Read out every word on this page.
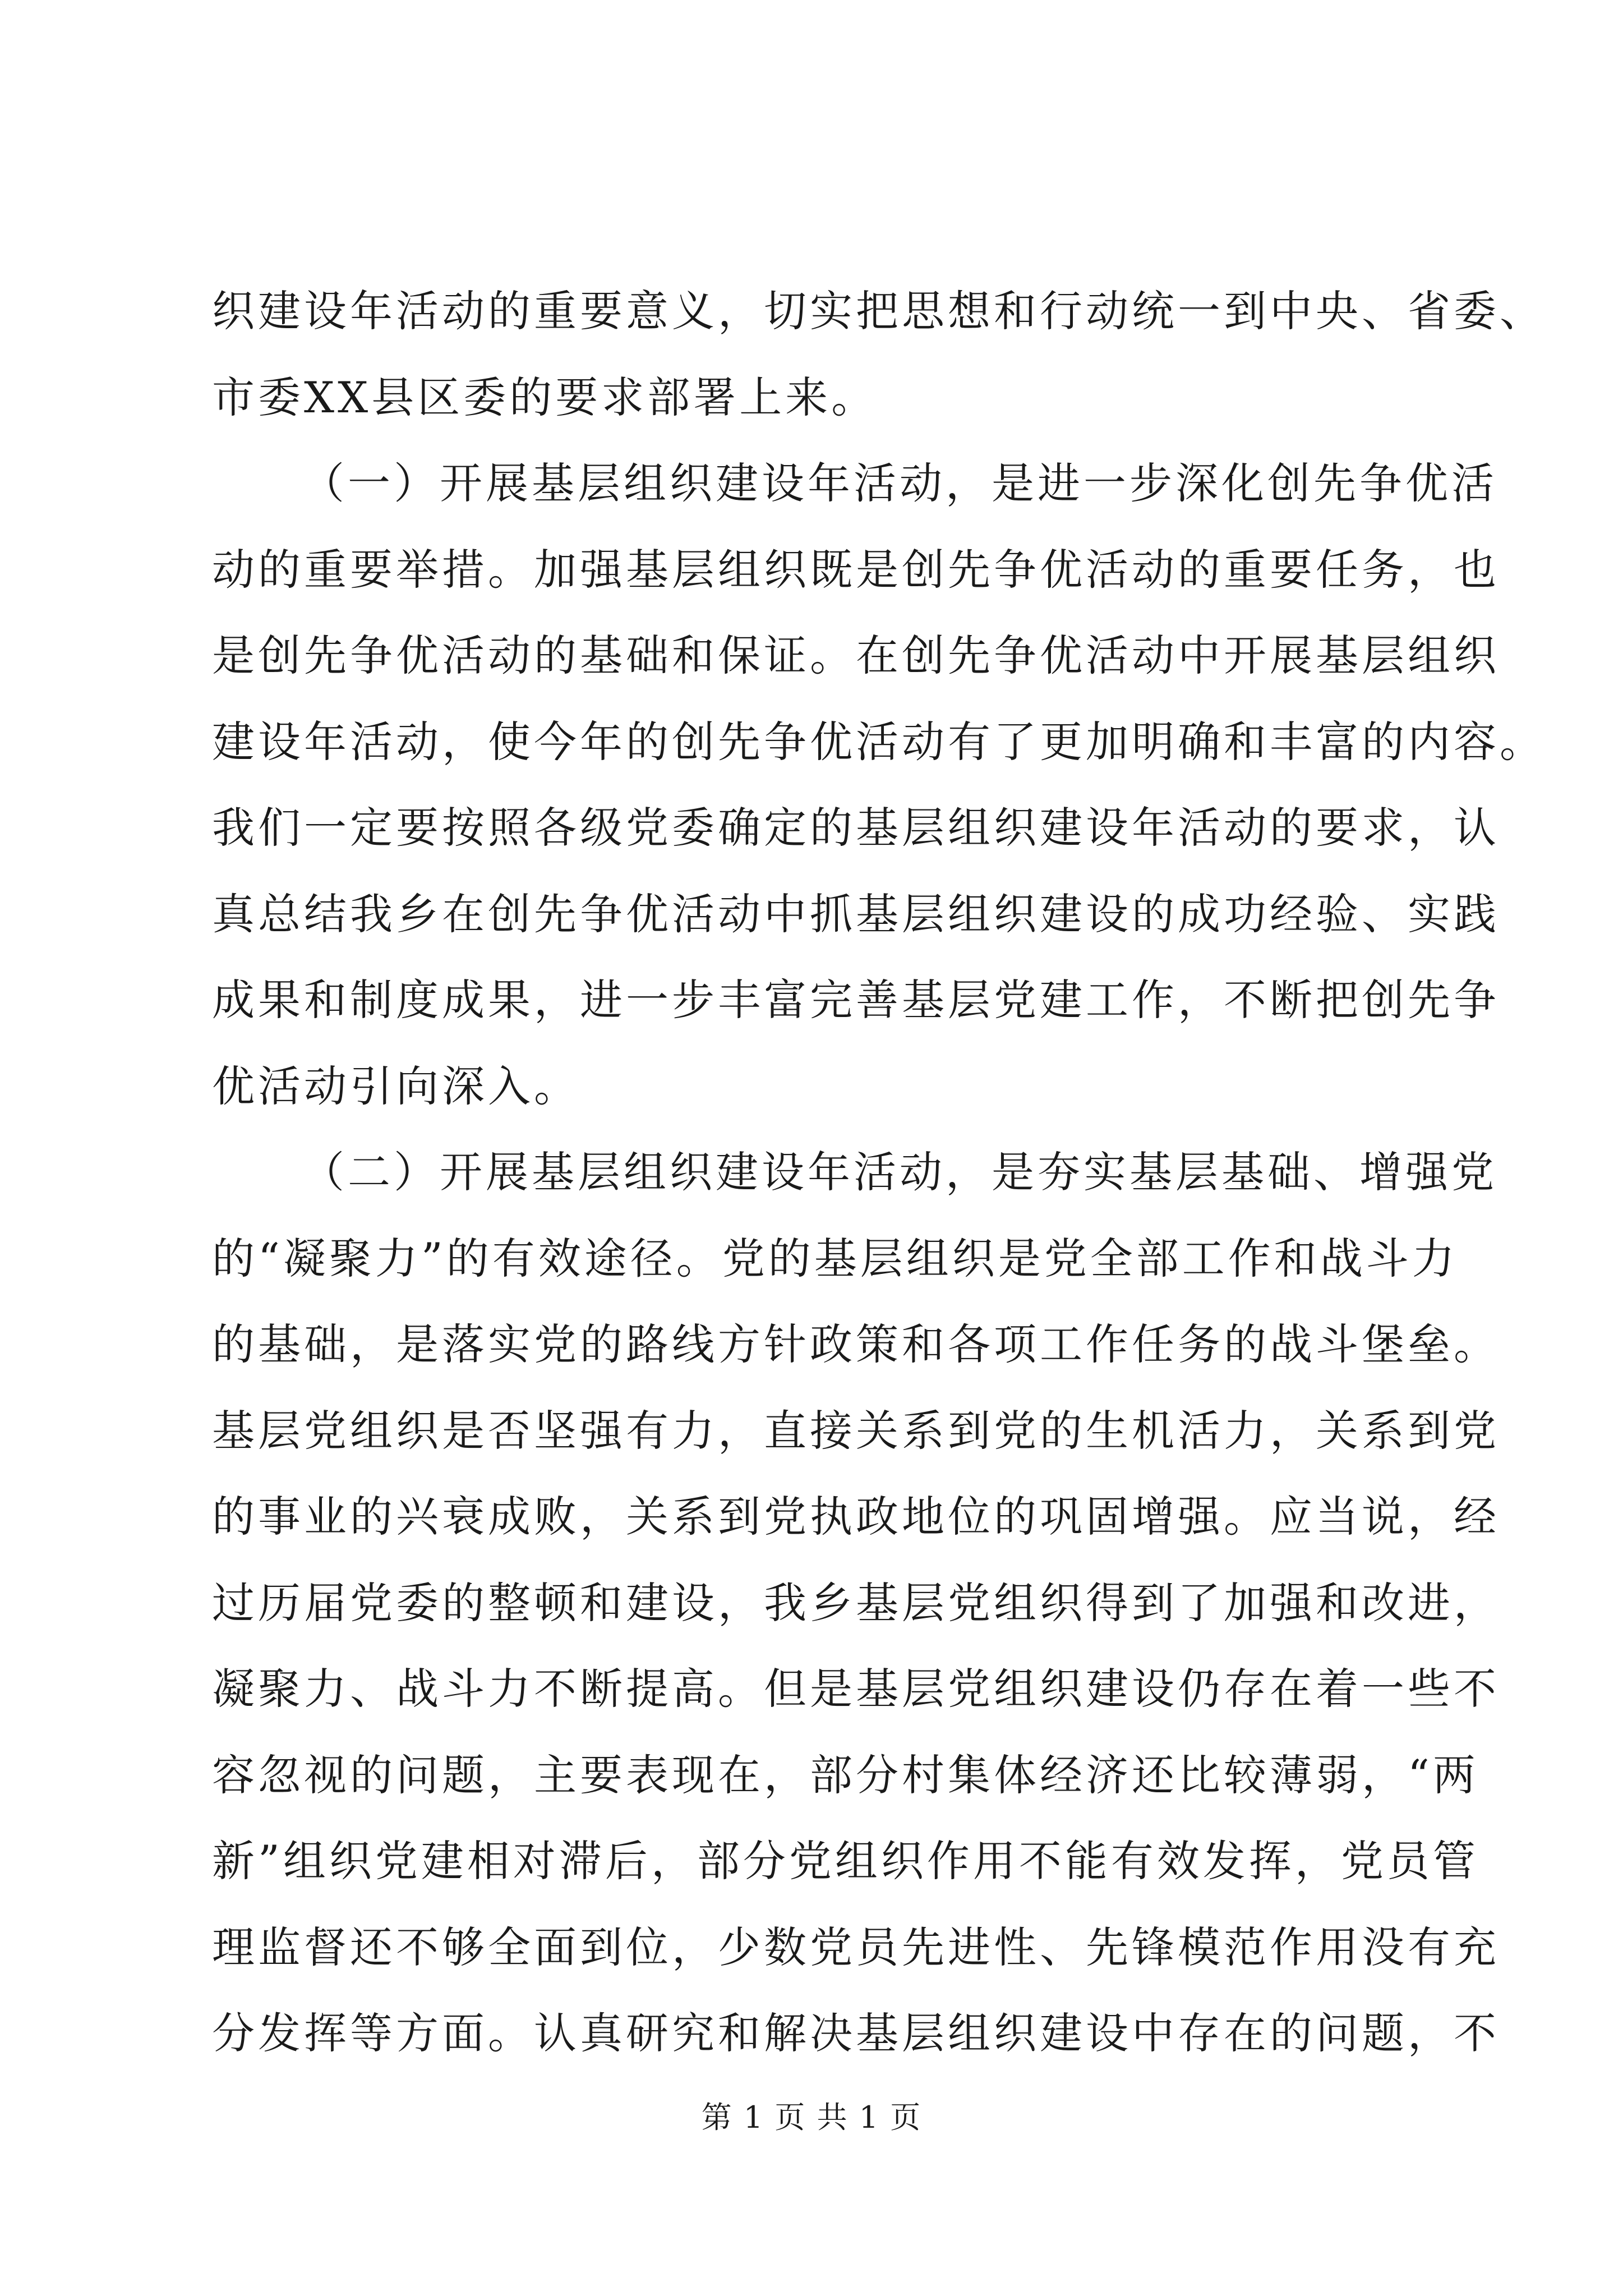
织建设年活动的重要意义，切实把思想和行动统一到中央、省委、
市委XX县区委的要求部署上来。
（一）开展基层组织建设年活动，是进一步深化创先争优活
动的重要举措。加强基层组织既是创先争优活动的重要任务，也
是创先争优活动的基础和保证。在创先争优活动中开展基层组织
建设年活动，使今年的创先争优活动有了更加明确和丰富的内容。
我们一定要按照各级党委确定的基层组织建设年活动的要求，认
真总结我乡在创先争优活动中抓基层组织建设的成功经验、实践
成果和制度成果，进一步丰富完善基层党建工作，不断把创先争
优活动引向深入。
（二）开展基层组织建设年活动，是夯实基层基础、增强党
的“凝聚力”的有效途径。党的基层组织是党全部工作和战斗力
的基础，是落实党的路线方针政策和各项工作任务的战斗堡垒。
基层党组织是否坚强有力，直接关系到党的生机活力，关系到党
的事业的兴衰成败，关系到党执政地位的巩固增强。应当说，经
过历届党委的整顿和建设，我乡基层党组织得到了加强和改进，
凝聚力、战斗力不断提高。但是基层党组织建设仍存在着一些不
容忽视的问题，主要表现在，部分村集体经济还比较薄弱，“两
新”组织党建相对滞后，部分党组织作用不能有效发挥，党员管
理监督还不够全面到位，少数党员先进性、先锋模范作用没有充
分发挥等方面。认真研究和解决基层组织建设中存在的问题，不
第 1 页 共 1 页
